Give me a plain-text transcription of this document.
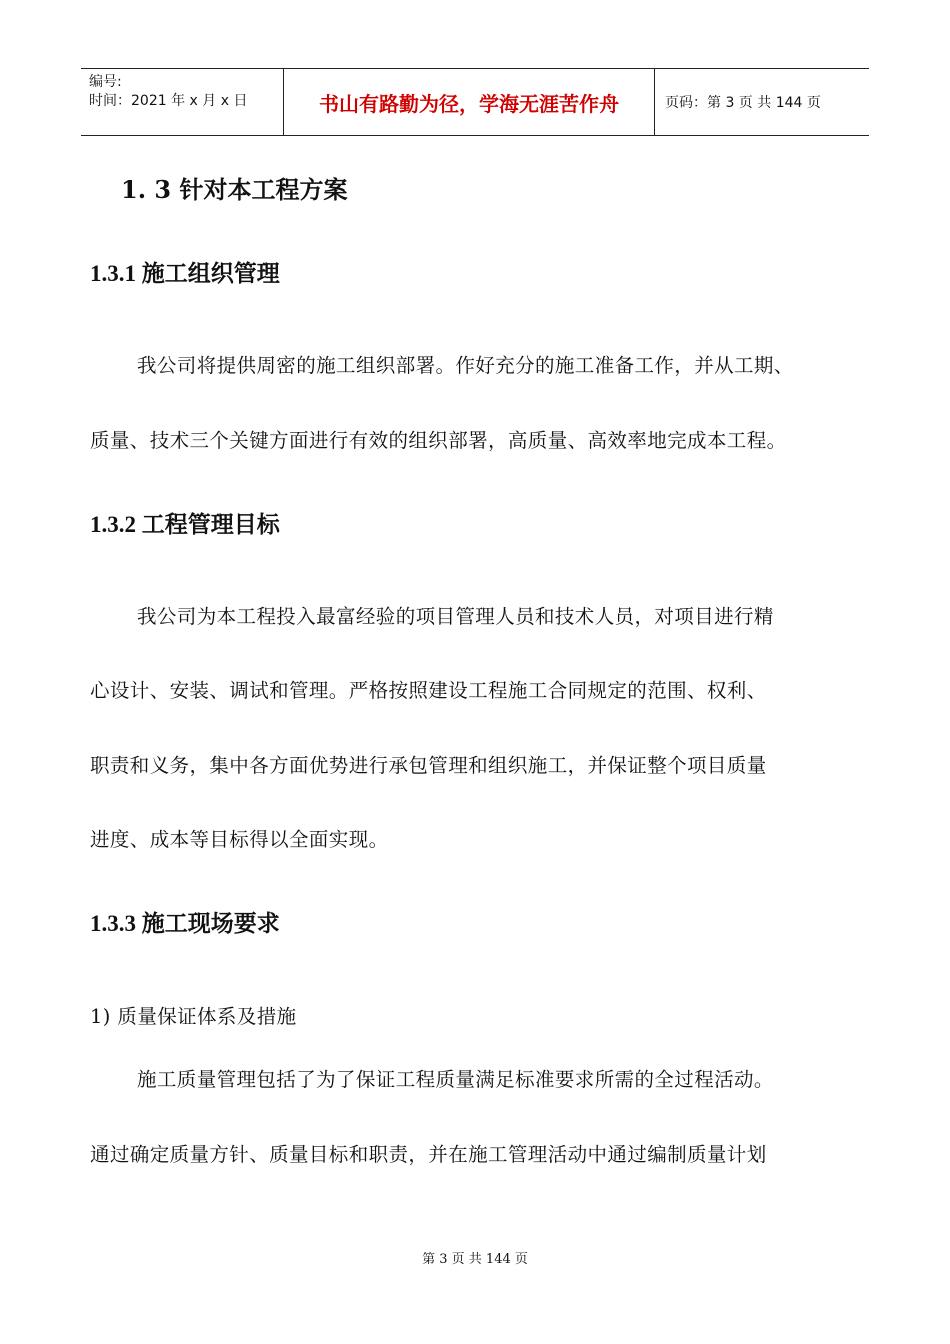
编号:
时间：2021 年 x 月 x 日	书山有路勤为径，学海无涯苦作舟	页码：第 3 页 共 144 页
1. 3 针对本工程方案
1.3.1 施工组织管理
我公司将提供周密的施工组织部署。作好充分的施工准备工作，并从工期、
质量、技术三个关键方面进行有效的组织部署，高质量、高效率地完成本工程。
1.3.2 工程管理目标
我公司为本工程投入最富经验的项目管理人员和技术人员，对项目进行精
心设计、安装、调试和管理。严格按照建设工程施工合同规定的范围、权利、
职责和义务，集中各方面优势进行承包管理和组织施工，并保证整个项目质量
进度、成本等目标得以全面实现。
1.3.3 施工现场要求
1) 质量保证体系及措施
施工质量管理包括了为了保证工程质量满足标准要求所需的全过程活动。
通过确定质量方针、质量目标和职责，并在施工管理活动中通过编制质量计划
第 3 页 共 144 页
